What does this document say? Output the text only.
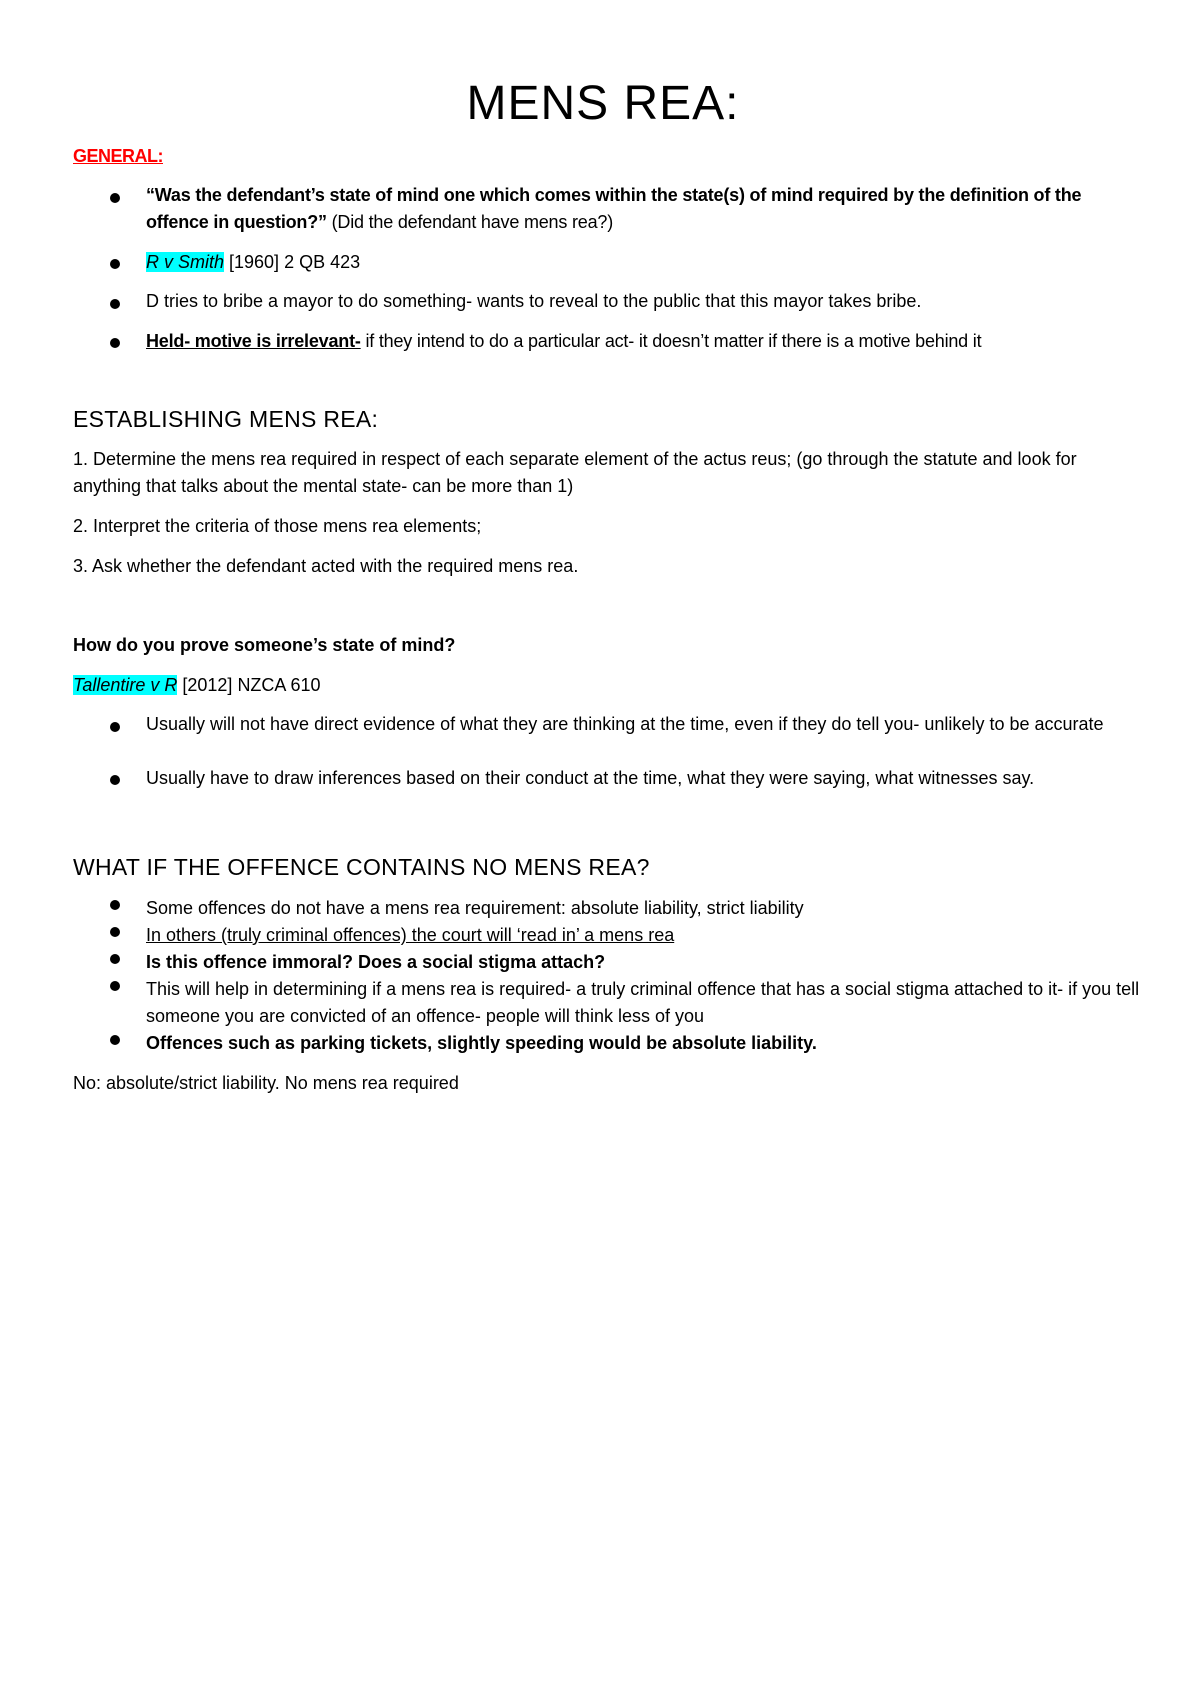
MENS REA:
GENERAL:
“Was the defendant’s state of mind one which comes within the state(s) of mind required by the definition of the offence in question?” (Did the defendant have mens rea?)
R v Smith [1960] 2 QB 423
D tries to bribe a mayor to do something- wants to reveal to the public that this mayor takes bribe.
Held- motive is irrelevant- if they intend to do a particular act- it doesn’t matter if there is a motive behind it
ESTABLISHING MENS REA:
1. Determine the mens rea required in respect of each separate element of the actus reus; (go through the statute and look for anything that talks about the mental state- can be more than 1)
2. Interpret the criteria of those mens rea elements;
3. Ask whether the defendant acted with the required mens rea.
How do you prove someone’s state of mind?
Tallentire v R [2012] NZCA 610
Usually will not have direct evidence of what they are thinking at the time, even if they do tell you- unlikely to be accurate
Usually have to draw inferences based on their conduct at the time, what they were saying, what witnesses say.
WHAT IF THE OFFENCE CONTAINS NO MENS REA?
Some offences do not have a mens rea requirement: absolute liability, strict liability
In others (truly criminal offences) the court will ‘read in’ a mens rea
Is this offence immoral? Does a social stigma attach?
This will help in determining if a mens rea is required- a truly criminal offence that has a social stigma attached to it- if you tell someone you are convicted of an offence- people will think less of you
Offences such as parking tickets, slightly speeding would be absolute liability.
No: absolute/strict liability. No mens rea required
